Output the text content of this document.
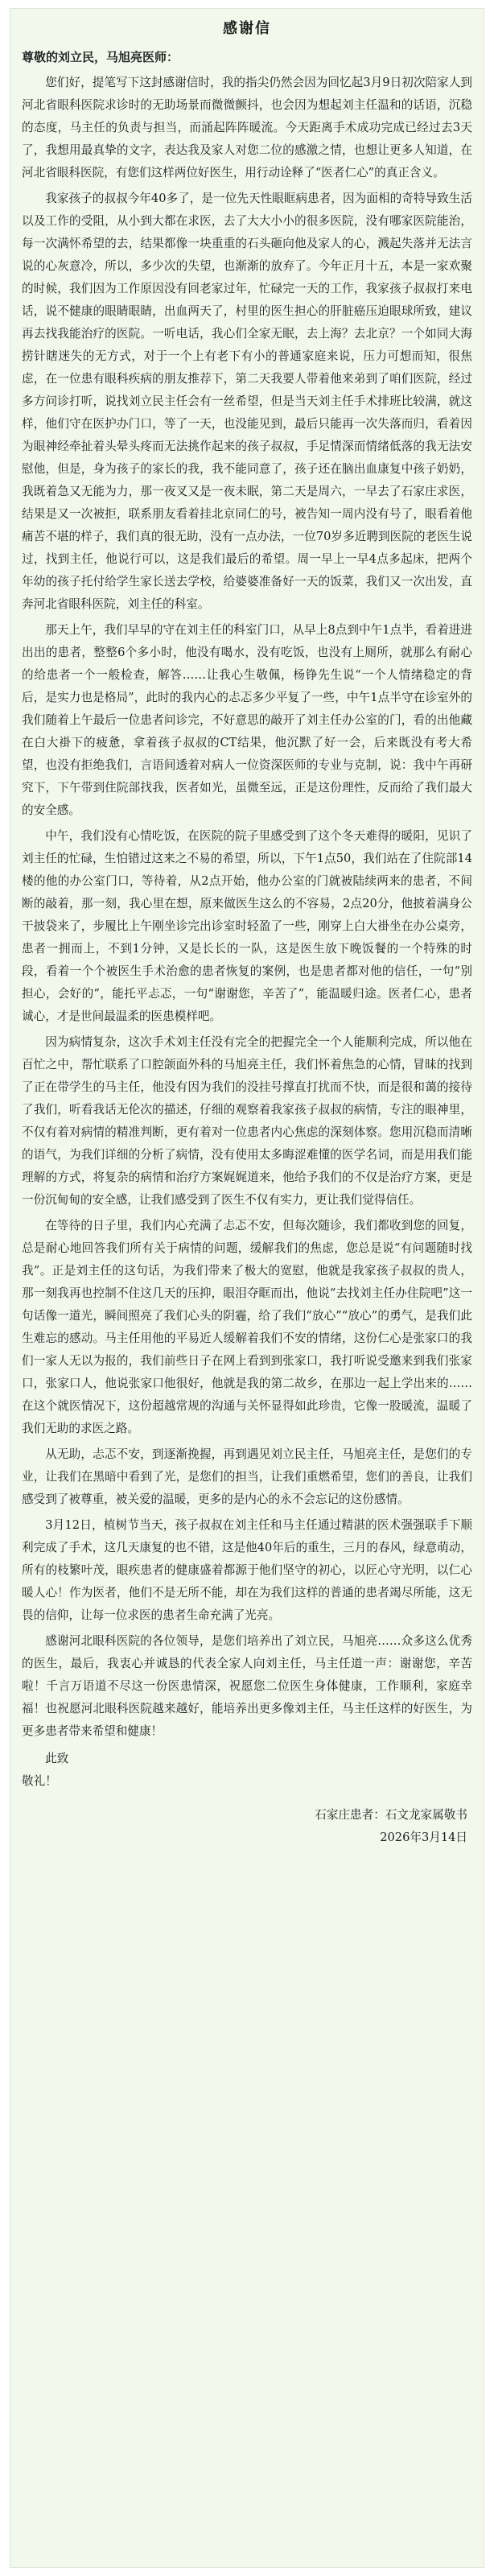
感谢信
尊敬的刘立民，马旭亮医师：

您们好，提笔写下这封感谢信时，我的指尖仍然会因为回忆起3月9日初次陪家人到河北省眼科医院求诊时的无助场景而微微颤抖，也会因为想起刘主任温和的话语，沉稳的态度，马主任的负责与担当，而涌起阵阵暖流。今天距离手术成功完成已经过去3天了，我想用最真挚的文字，表达我及家人对您二位的感激之情，也想让更多人知道，在河北省眼科医院，有您们这样两位好医生，用行动诠释了“医者仁心”的真正含义。

我家孩子的叔叔今年40多了，是一位先天性眼眶病患者，因为面相的奇特导致生活以及工作的受阻，从小到大都在求医，去了大大小小的很多医院，没有哪家医院能治，每一次满怀希望的去，结果都像一块重重的石头砸向他及家人的心，溅起失落并无法言说的心灰意冷，所以，多少次的失望，也渐渐的放弃了。今年正月十五，本是一家欢聚的时候，我们因为工作原因没有回老家过年，忙碌完一天的工作，我家孩子叔叔打来电话，说不健康的眼睛眼睛，出血两天了，村里的医生担心的肝脏癌压迫眼球所致，建议再去找我能治疗的医院。一听电话，我心们全家无眠，去上海？去北京？一个如同大海捞针瞎迷失的无方式，对于一个上有老下有小的普通家庭来说，压力可想而知，很焦虑，在一位患有眼科疾病的朋友推荐下，第二天我要人带着他来弟到了咱们医院，经过多方问诊打听，说找刘立民主任会有一丝希望，但是当天刘主任手术排班比较满，就这样，他们守在医护办门口，等了一天，也没能见到，最后只能再一次失落而归，看着因为眼神经牵扯着头晕头疼而无法挑作起来的孩子叔叔，手足情深而情绪低落的我无法安慰他，但是，身为孩子的家长的我，我不能同意了，孩子还在脑出血康复中孩子奶奶，我既着急又无能为力，那一夜叉又是一夜未眠，第二天是周六，一早去了石家庄求医，结果是又一次被拒，联系朋友看着挂北京同仁的号，被告知一周内没有号了，眼看着他痛苦不堪的样子，我们真的很无助，没有一点办法，一位70岁多近聘到医院的老医生说过，找到主任，他说行可以，这是我们最后的希望。周一早上一早4点多起床，把两个年幼的孩子托付给学生家长送去学校，给婆婆准备好一天的饭菜，我们又一次出发，直奔河北省眼科医院，刘主任的科室。

那天上午，我们早早的守在刘主任的科室门口，从早上8点到中午1点半，看着进进出出的患者，整整6个多小时，他没有喝水，没有吃饭，也没有上厕所，就那么有耐心的给患者一个一般检查，解答……让我心生敬佩，杨铮先生说“一个人情绪稳定的背后，是实力也是格局”，此时的我内心的忐忑多少平复了一些，中午1点半守在诊室外的我们随着上午最后一位患者问诊完，不好意思的敲开了刘主任办公室的门，看的出他藏在白大褂下的疲惫，拿着孩子叔叔的CT结果，他沉默了好一会，后来既没有考大希望，也没有拒绝我们，言语间透着对病人一位资深医师的专业与克制，说：我中午再研究下，下午带到住院部找我，医者如光，虽微至远，正是这份理性，反而给了我们最大的安全感。

中午，我们没有心情吃饭，在医院的院子里感受到了这个冬天难得的暖阳，见识了刘主任的忙碌，生怕错过这来之不易的希望，所以，下午1点50，我们站在了住院部14楼的他的办公室门口，等待着，从2点开始，他办公室的门就被陆续两来的患者，不间断的敲着，那一刻，我心里在想，原来做医生这么的不容易，2点20分，他披着满身公干披袋来了，步履比上午刚坐诊完出诊室时轻盈了一些，刚穿上白大褂坐在办公桌旁，患者一拥而上，不到1分钟，又是长长的一队，这是医生放下晚饭餐的一个特殊的时段，看着一个个被医生手术治愈的患者恢复的案例，也是患者都对他的信任，一句“别担心，会好的”，能托平忐忑，一句“谢谢您，辛苦了”，能温暖归途。医者仁心，患者诚心，才是世间最温柔的医患模样吧。

因为病情复杂，这次手术刘主任没有完全的把握完全一个人能顺利完成，所以他在百忙之中，帮忙联系了口腔颌面外科的马旭亮主任，我们怀着焦急的心情，冒昧的找到了正在带学生的马主任，他没有因为我们的没挂号撑直打扰而不快，而是很和蔼的接待了我们，听看我话无伦次的描述，仔细的观察着我家孩子叔叔的病情，专注的眼神里，不仅有着对病情的精准判断，更有着对一位患者内心焦虑的深刻体察。您用沉稳而清晰的语气，为我们详细的分析了病情，没有使用太多晦涩难懂的医学名词，而是用我们能理解的方式，将复杂的病情和治疗方案娓娓道来，他给予我们的不仅是治疗方案，更是一份沉甸甸的安全感，让我们感受到了医生不仅有实力，更让我们觉得信任。

在等待的日子里，我们内心充满了忐忑不安，但每次随诊，我们都收到您的回复，总是耐心地回答我们所有关于病情的问题，缓解我们的焦虑，您总是说“有问题随时找我”。正是刘主任的这句话，为我们带来了极大的宽慰，他就是我家孩子叔叔的贵人，那一刻我再也控制不住这几天的压抑，眼泪夺眶而出，他说“去找刘主任办住院吧”这一句话像一道光，瞬间照亮了我们心头的阴霾，给了我们“放心”“放心”的勇气，是我们此生难忘的感动。马主任用他的平易近人缓解着我们不安的情绪，这份仁心是张家口的我们一家人无以为报的，我们前些日子在网上看到到张家口，我打听说受邀来到我们张家口，张家口人，他说张家口他很好，他就是我的第二故乡，在那边一起上学出来的……在这个就医情况下，这份超越常规的沟通与关怀显得如此珍贵，它像一股暖流，温暖了我们无助的求医之路。

从无助，忐忑不安，到逐渐挽握，再到遇见刘立民主任，马旭亮主任，是您们的专业，让我们在黑暗中看到了光，是您们的担当，让我们重燃希望，您们的善良，让我们感受到了被尊重，被关爱的温暖，更多的是内心的永不会忘记的这份感情。

3月12日，植树节当天，孩子叔叔在刘主任和马主任通过精湛的医术强强联手下顺利完成了手术，这几天康复的也不错，这是他40年后的重生，三月的春风，绿意萌动，所有的枝繁叶茂，眼疾患者的健康盛着都源于他们坚守的初心，以匠心守光明，以仁心暖人心！作为医者，他们不是无所不能，却在为我们这样的普通的患者竭尽所能，这无畏的信仰，让每一位求医的患者生命充满了光亮。

感谢河北眼科医院的各位领导，是您们培养出了刘立民，马旭亮……众多这么优秀的医生，最后，我衷心并诚恳的代表全家人向刘主任，马主任道一声：谢谢您，辛苦啦！千言万语道不尽这一份医患情深，祝愿您二位医生身体健康，工作顺利，家庭幸福！也祝愿河北眼科医院越来越好，能培养出更多像刘主任，马主任这样的好医生，为更多患者带来希望和健康！

此致
敬礼！
石家庄患者：石文龙家属敬书
2026年3月14日
